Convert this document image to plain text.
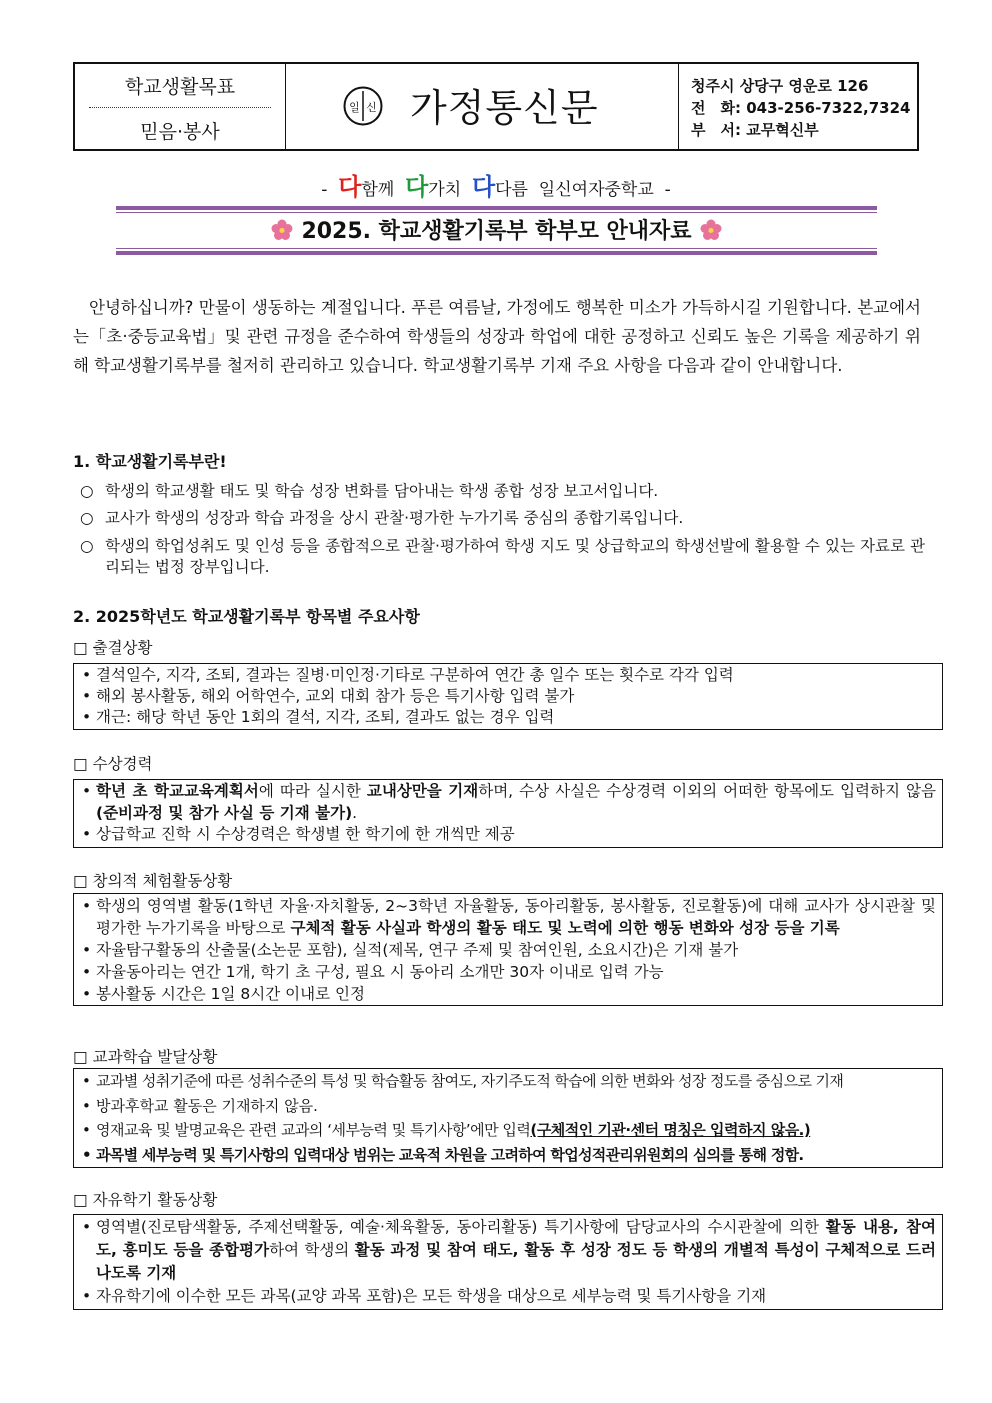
학교생활목표
믿음·봉사
일 신 가정통신문	청주시 상당구 영운로 126
전　화: 043-256-7322,7324
부　서: 교무혁신부
- 다함께 다가치 다다름 일신여자중학교 -
2025. 학교생활기록부 학부모 안내자료

안녕하십니까? 만물이 생동하는 계절입니다. 푸른 여름날, 가정에도 행복한 미소가 가득하시길 기원합니다. 본교에서는「초·중등교육법」및 관련 규정을 준수하여 학생들의 성장과 학업에 대한 공정하고 신뢰도 높은 기록을 제공하기 위해 학교생활기록부를 철저히 관리하고 있습니다. 학교생활기록부 기재 주요 사항을 다음과 같이 안내합니다.

1. 학교생활기록부란!
○ 학생의 학교생활 태도 및 학습 성장 변화를 담아내는 학생 종합 성장 보고서입니다.
○ 교사가 학생의 성장과 학습 과정을 상시 관찰·평가한 누가기록 중심의 종합기록입니다.
○ 학생의 학업성취도 및 인성 등을 종합적으로 관찰·평가하여 학생 지도 및 상급학교의 학생선발에 활용할 수 있는 자료로 관리되는 법정 장부입니다.
2. 2025학년도 학교생활기록부 항목별 주요사항
□ 출결상황
• 결석일수, 지각, 조퇴, 결과는 질병·미인정·기타로 구분하여 연간 총 일수 또는 횟수로 각각 입력
• 해외 봉사활동, 해외 어학연수, 교외 대회 참가 등은 특기사항 입력 불가
• 개근: 해당 학년 동안 1회의 결석, 지각, 조퇴, 결과도 없는 경우 입력
□ 수상경력
• 학년 초 학교교육계획서에 따라 실시한 교내상만을 기재하며, 수상 사실은 수상경력 이외의 어떠한 항목에도 입력하지 않음(준비과정 및 참가 사실 등 기재 불가).
• 상급학교 진학 시 수상경력은 학생별 한 학기에 한 개씩만 제공
□ 창의적 체험활동상황
• 학생의 영역별 활동(1학년 자율·자치활동, 2~3학년 자율활동, 동아리활동, 봉사활동, 진로활동)에 대해 교사가 상시관찰 및 평가한 누가기록을 바탕으로 구체적 활동 사실과 학생의 활동 태도 및 노력에 의한 행동 변화와 성장 등을 기록
• 자율탐구활동의 산출물(소논문 포함), 실적(제목, 연구 주제 및 참여인원, 소요시간)은 기재 불가
• 자율동아리는 연간 1개, 학기 초 구성, 필요 시 동아리 소개만 30자 이내로 입력 가능
• 봉사활동 시간은 1일 8시간 이내로 인정
□ 교과학습 발달상황
• 교과별 성취기준에 따른 성취수준의 특성 및 학습활동 참여도, 자기주도적 학습에 의한 변화와 성장 정도를 중심으로 기재
• 방과후학교 활동은 기재하지 않음.
• 영재교육 및 발명교육은 관련 교과의 ‘세부능력 및 특기사항’에만 입력(구체적인 기관·센터 명칭은 입력하지 않음.)
• 과목별 세부능력 및 특기사항의 입력대상 범위는 교육적 차원을 고려하여 학업성적관리위원회의 심의를 통해 정함.
□ 자유학기 활동상황
• 영역별(진로탐색활동, 주제선택활동, 예술·체육활동, 동아리활동) 특기사항에 담당교사의 수시관찰에 의한 활동 내용, 참여도, 흥미도 등을 종합평가하여 학생의 활동 과정 및 참여 태도, 활동 후 성장 정도 등 학생의 개별적 특성이 구체적으로 드러나도록 기재
• 자유학기에 이수한 모든 과목(교양 과목 포함)은 모든 학생을 대상으로 세부능력 및 특기사항을 기재
